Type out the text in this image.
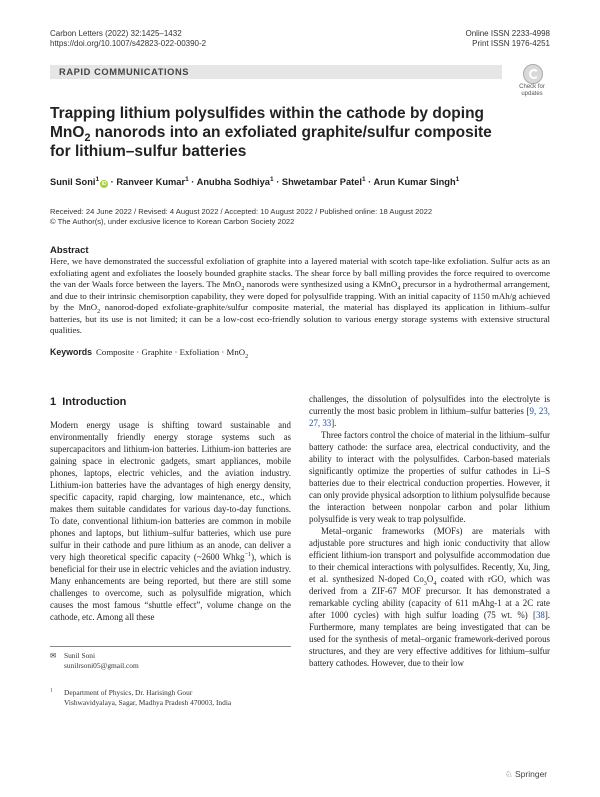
Carbon Letters (2022) 32:1425–1432
https://doi.org/10.1007/s42823-022-00390-2
Online ISSN 2233-4998
Print ISSN 1976-4251
RAPID COMMUNICATIONS
Check for
updates
Trapping lithium polysulfides within the cathode by doping
MnO$_2$ nanorods into an exfoliated graphite/sulfur composite
for lithium–sulfur batteries
Sunil Soni$^1$iD · Ranveer Kumar$^1$ · Anubha Sodhiya$^1$ · Shwetambar Patel$^1$ · Arun Kumar Singh$^1$
Received: 24 June 2022 / Revised: 4 August 2022 / Accepted: 10 August 2022 / Published online: 18 August 2022
© The Author(s), under exclusive licence to Korean Carbon Society 2022
Abstract
Here, we have demonstrated the successful exfoliation of graphite into a layered material with scotch tape-like exfoliation. Sulfur acts as an exfoliating agent and exfoliates the loosely bounded graphite stacks. The shear force by ball milling provides the force required to overcome the van der Waals force between the layers. The MnO$_2$ nanorods were synthesized using a KMnO$_4$ precursor in a hydrothermal arrangement, and due to their intrinsic chemisorption capability, they were doped for polysulfide trapping. With an initial capacity of 1150 mAh/g achieved by the MnO$_2$ nanorod-doped exfoliate-graphite/sulfur composite material, the material has displayed its application in lithium–sulfur batteries, but its use is not limited; it can be a low-cost eco-friendly solution to various energy storage systems with extensive structural qualities.
Keywords Composite · Graphite · Exfoliation · MnO$_2$
1 Introduction

Modern energy usage is shifting toward sustainable and environmentally friendly energy storage systems such as supercapacitors and lithium-ion batteries. Lithium-ion batteries are gaining space in electronic gadgets, smart appliances, mobile phones, laptops, electric vehicles, and the aviation industry. Lithium-ion batteries have the advantages of high energy density, specific capacity, rapid charging, low maintenance, etc., which makes them suitable candidates for various day-to-day functions. To date, conventional lithium-ion batteries are common in mobile phones and laptops, but lithium–sulfur batteries, which use pure sulfur in their cathode and pure lithium as an anode, can deliver a very high theoretical specific capacity (~2600 Whkg$^{-1}$), which is beneficial for their use in electric vehicles and the aviation industry. Many enhancements are being reported, but there are still some challenges to overcome, such as polysulfide migration, which causes the most famous “shuttle effect”, volume change on the cathode, etc. Among all these

challenges, the dissolution of polysulfides into the electrolyte is currently the most basic problem in lithium–sulfur batteries [9, 23, 27, 33].

Three factors control the choice of material in the lithium–sulfur battery cathode: the surface area, electrical conductivity, and the ability to interact with the polysulfides. Carbon-based materials significantly optimize the properties of sulfur cathodes in Li–S batteries due to their electrical conduction properties. However, it can only provide physical adsorption to lithium polysulfide because the interaction between nonpolar carbon and polar lithium polysulfide is very weak to trap polysulfide.

Metal–organic frameworks (MOFs) are materials with adjustable pore structures and high ionic conductivity that allow efficient lithium-ion transport and polysulfide accommodation due to their chemical interactions with polysulfides. Recently, Xu, Jing, et al. synthesized N-doped $Co_3O_4$ coated with rGO, which was derived from a ZIF-67 MOF precursor. It has demonstrated a remarkable cycling ability (capacity of 611 mAhg-1 at a 2C rate after 1000 cycles) with high sulfur loading (75 wt. %) [38]. Furthermore, many templates are being investigated that can be used for the synthesis of metal–organic framework-derived porous structures, and they are very effective additives for lithium–sulfur battery cathodes. However, due to their low

✉ Sunil Soni
sunilrsoni05@gmail.com
$^1$ Department of Physics, Dr. Harisingh Gour
Vishwavidyalaya, Sagar, Madhya Pradesh 470003, India
♘ Springer
